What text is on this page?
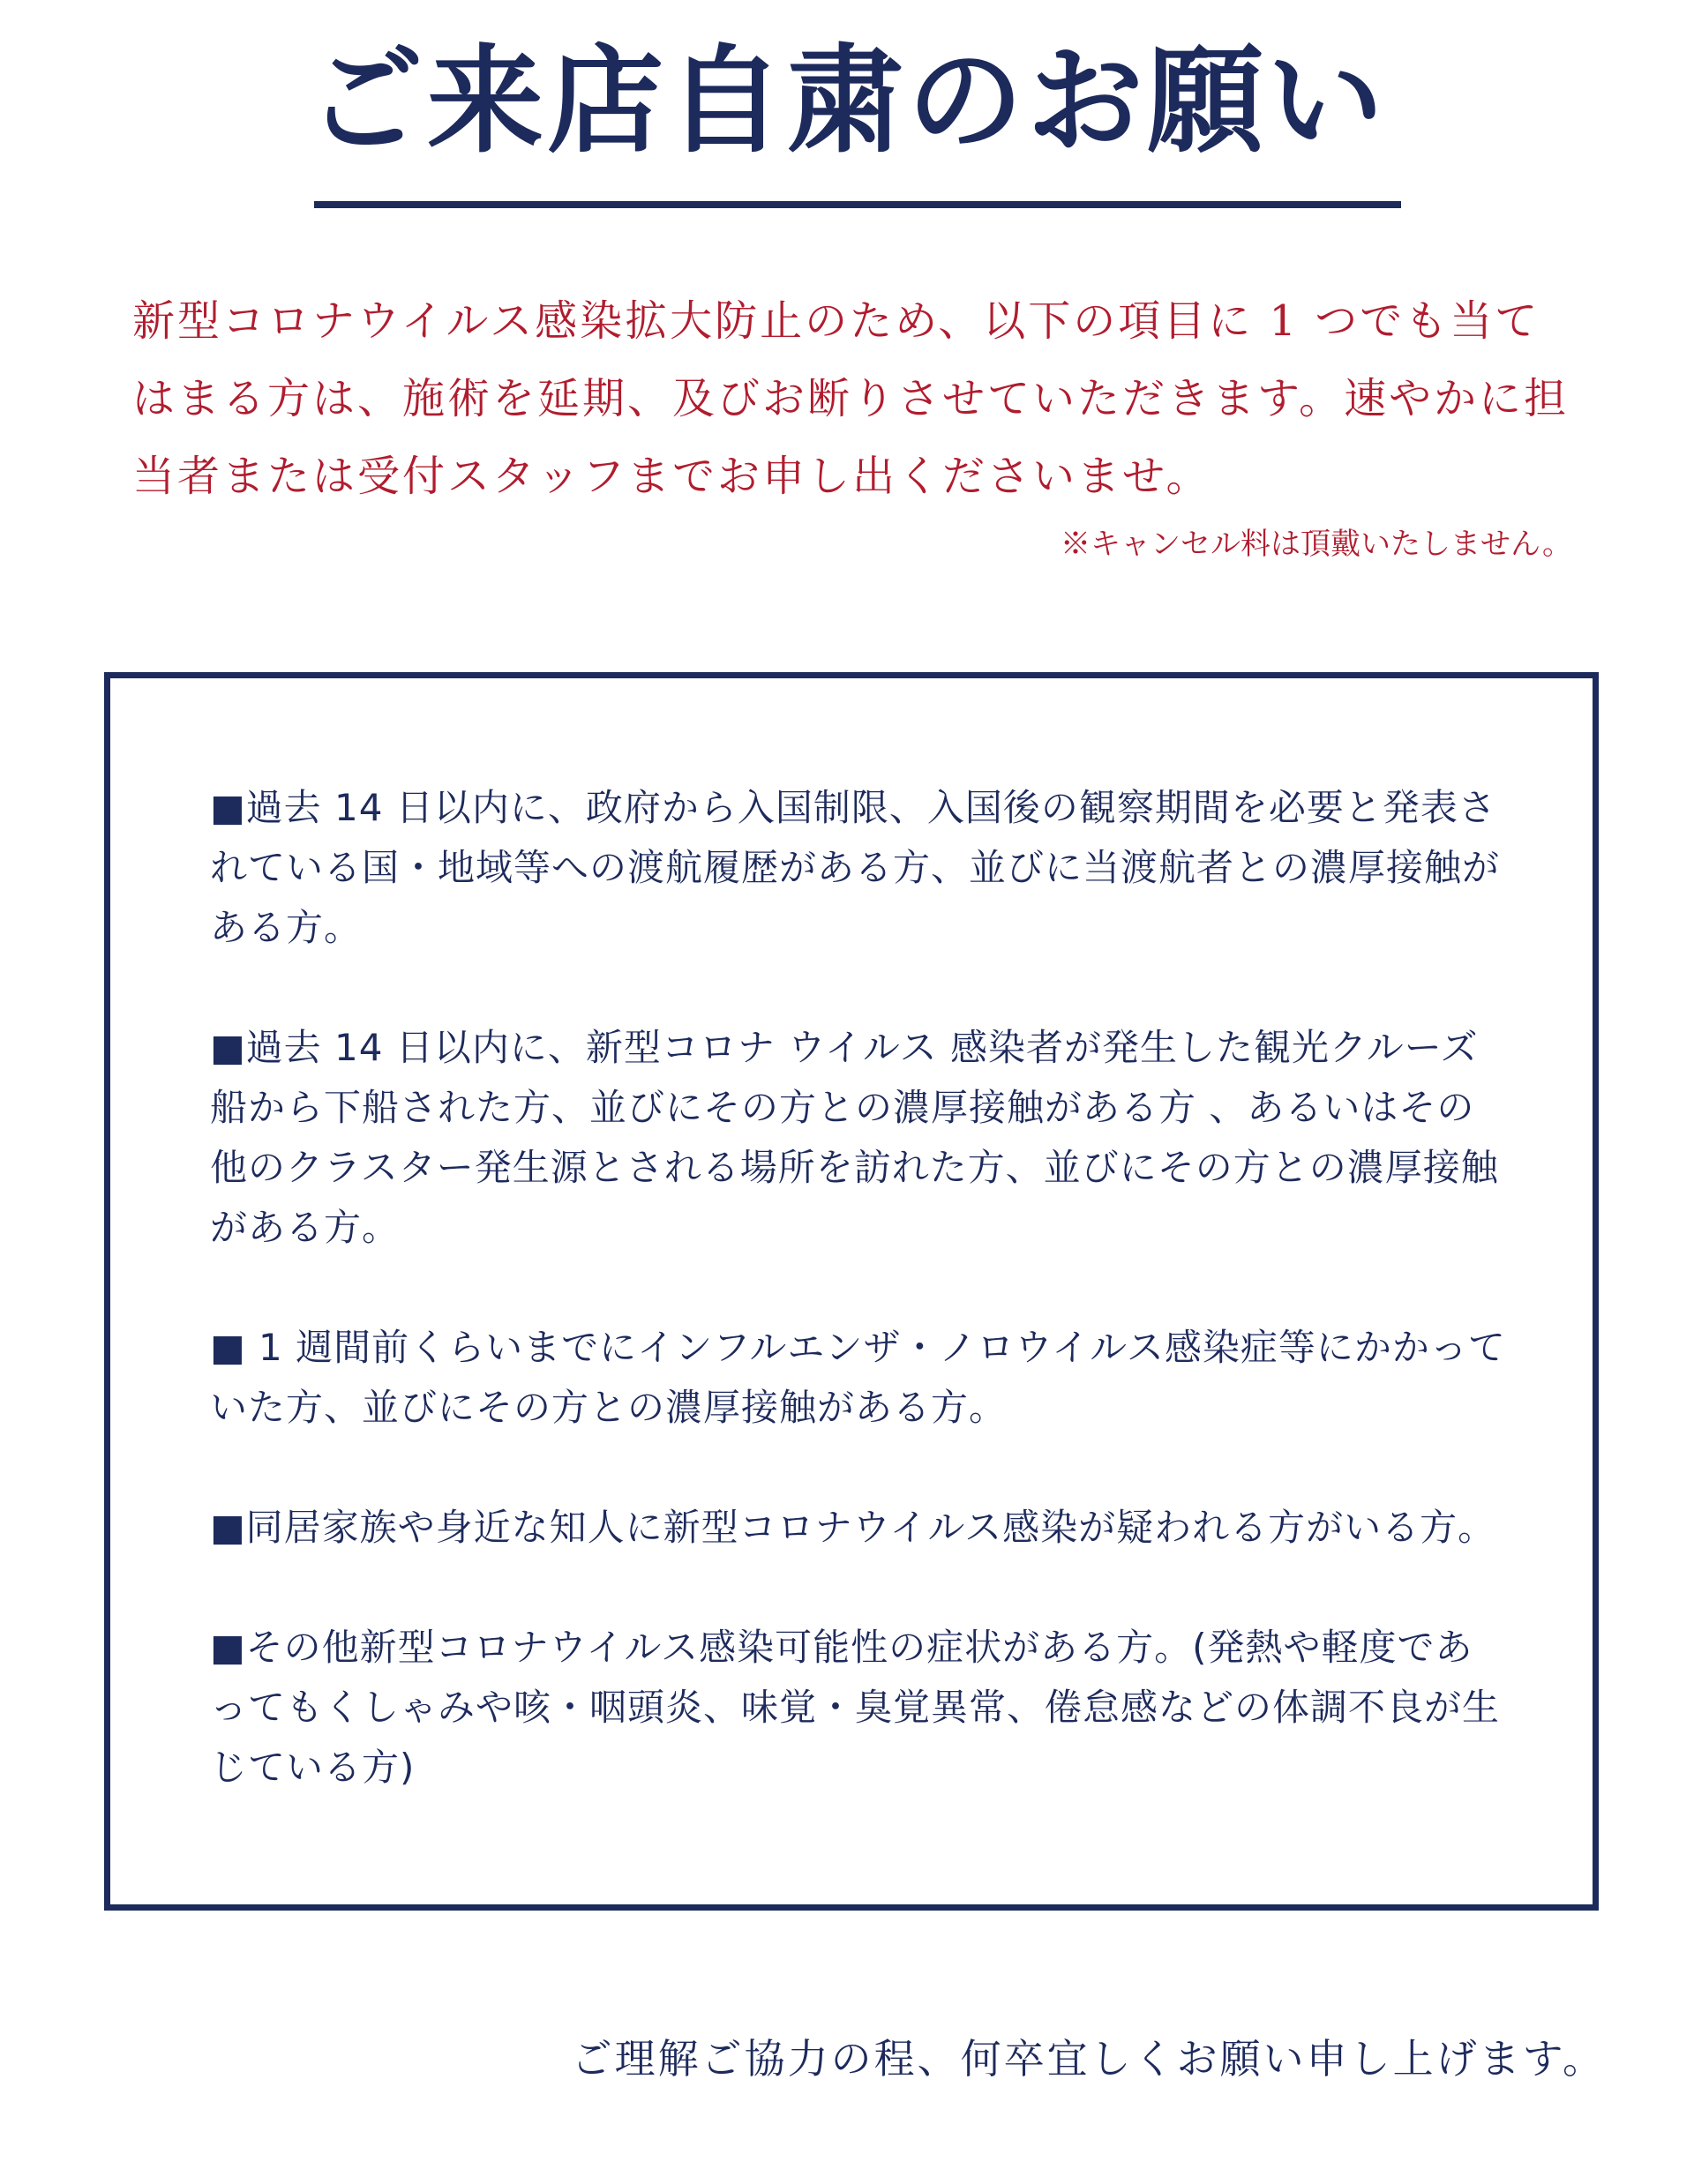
ご来店自粛のお願い

新型コロナウイルス感染拡大防止のため、以下の項目に 1 つでも当てはまる方は、施術を延期、及びお断りさせていただきます。速やかに担当者または受付スタッフまでお申し出くださいませ。

※キャンセル料は頂戴いたしません。

■過去 14 日以内に、政府から入国制限、入国後の観察期間を必要と発表されている国・地域等への渡航履歴がある方、並びに当渡航者との濃厚接触がある方。
■過去 14 日以内に、新型コロナ ウイルス 感染者が発生した観光クルーズ船から下船された方、並びにその方との濃厚接触がある方 、あるいはその他のクラスター発生源とされる場所を訪れた方、並びにその方との濃厚接触がある方。
■ 1 週間前くらいまでにインフルエンザ・ノロウイルス感染症等にかかっていた方、並びにその方との濃厚接触がある方。
■同居家族や身近な知人に新型コロナウイルス感染が疑われる方がいる方。
■その他新型コロナウイルス感染可能性の症状がある方。(発熱や軽度であってもくしゃみや咳・咽頭炎、味覚・臭覚異常、倦怠感などの体調不良が生じている方)

ご理解ご協力の程、何卒宜しくお願い申し上げます。
